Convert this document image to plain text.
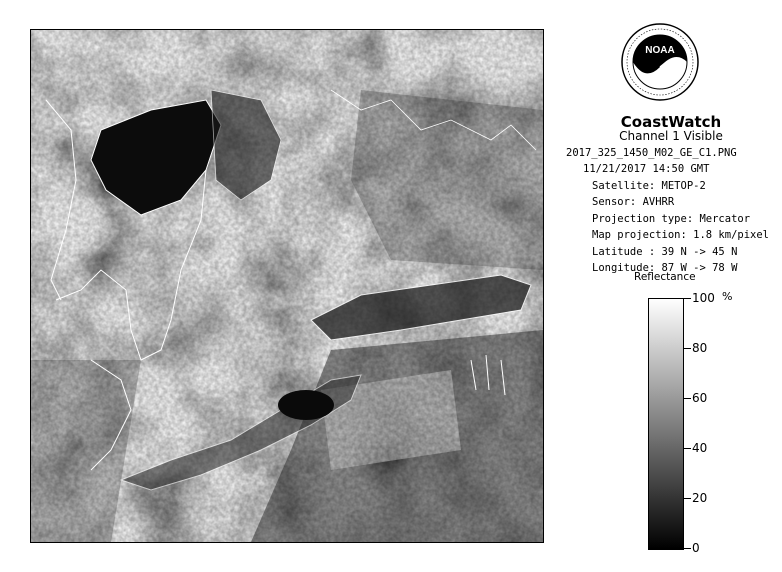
NOAA
CoastWatch
Channel 1 Visible
2017_325_1450_M02_GE_C1.PNG
11/21/2017 14:50 GMT
Satellite: METOP-2
Sensor: AVHRR
Projection type: Mercator
Map projection: 1.8 km/pixel
Latitude : 39 N -> 45 N
Longitude: 87 W -> 78 W
Reflectance
%
100
80
60
40
20
0
